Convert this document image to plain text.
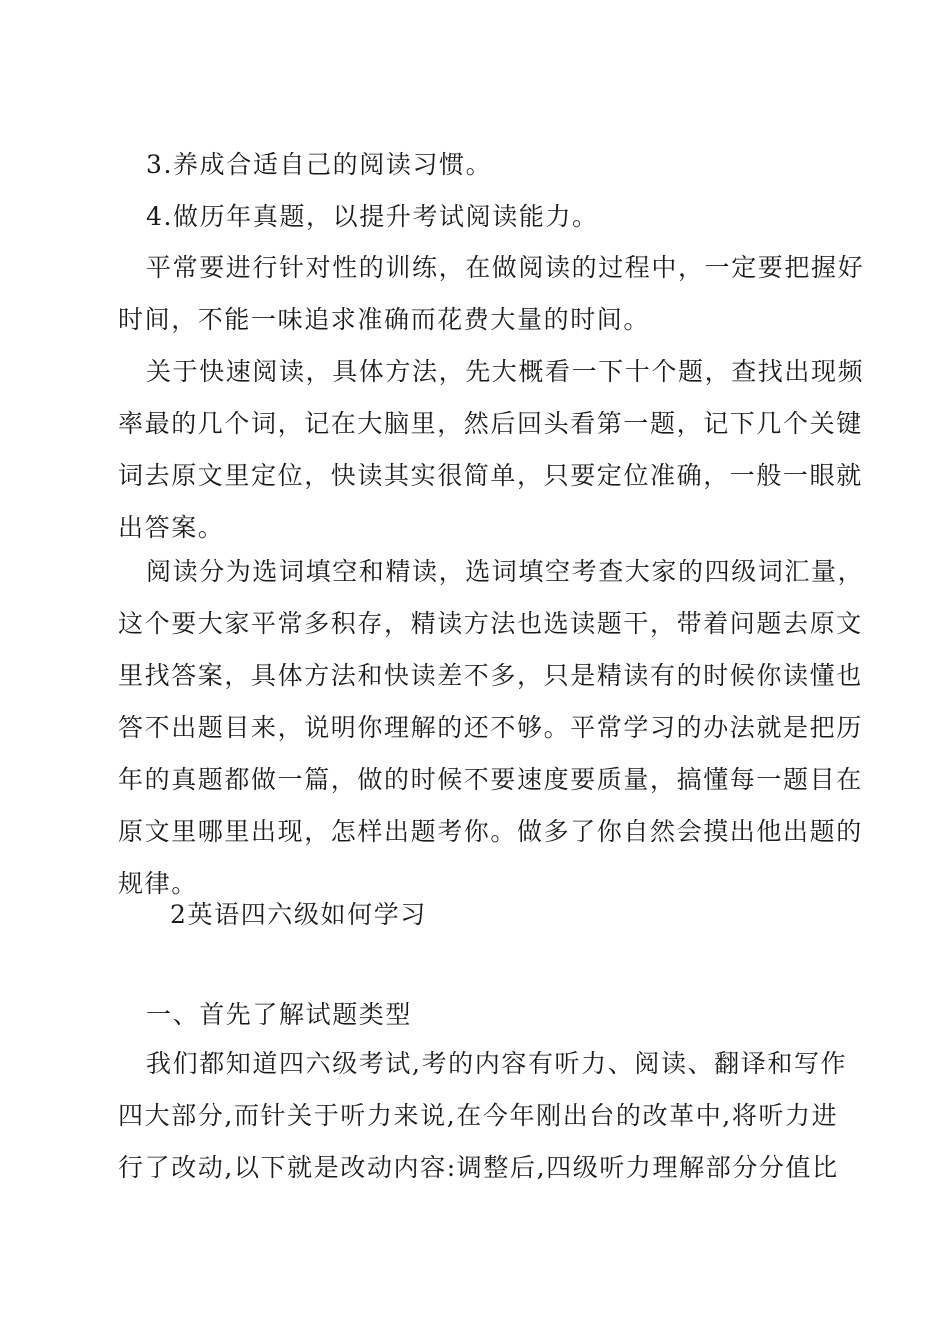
3.养成合适自己的阅读习惯。

4.做历年真题，以提升考试阅读能力。

平常要进行针对性的训练，在做阅读的过程中，一定要把握好
时间，不能一味追求准确而花费大量的时间。
关于快速阅读，具体方法，先大概看一下十个题，查找出现频
率最的几个词，记在大脑里，然后回头看第一题，记下几个关键
词去原文里定位，快读其实很简单，只要定位准确，一般一眼就
出答案。
阅读分为选词填空和精读，选词填空考查大家的四级词汇量，
这个要大家平常多积存，精读方法也选读题干，带着问题去原文
里找答案，具体方法和快读差不多，只是精读有的时候你读懂也
答不出题目来，说明你理解的还不够。平常学习的办法就是把历
年的真题都做一篇，做的时候不要速度要质量，搞懂每一题目在
原文里哪里出现，怎样出题考你。做多了你自然会摸出他出题的
规律。

2英语四六级如何学习

一、首先了解试题类型

我们都知道四六级考试,考的内容有听力、阅读、翻译和写作
四大部分,而针关于听力来说,在今年刚出台的改革中,将听力进
行了改动,以下就是改动内容:调整后,四级听力理解部分分值比
